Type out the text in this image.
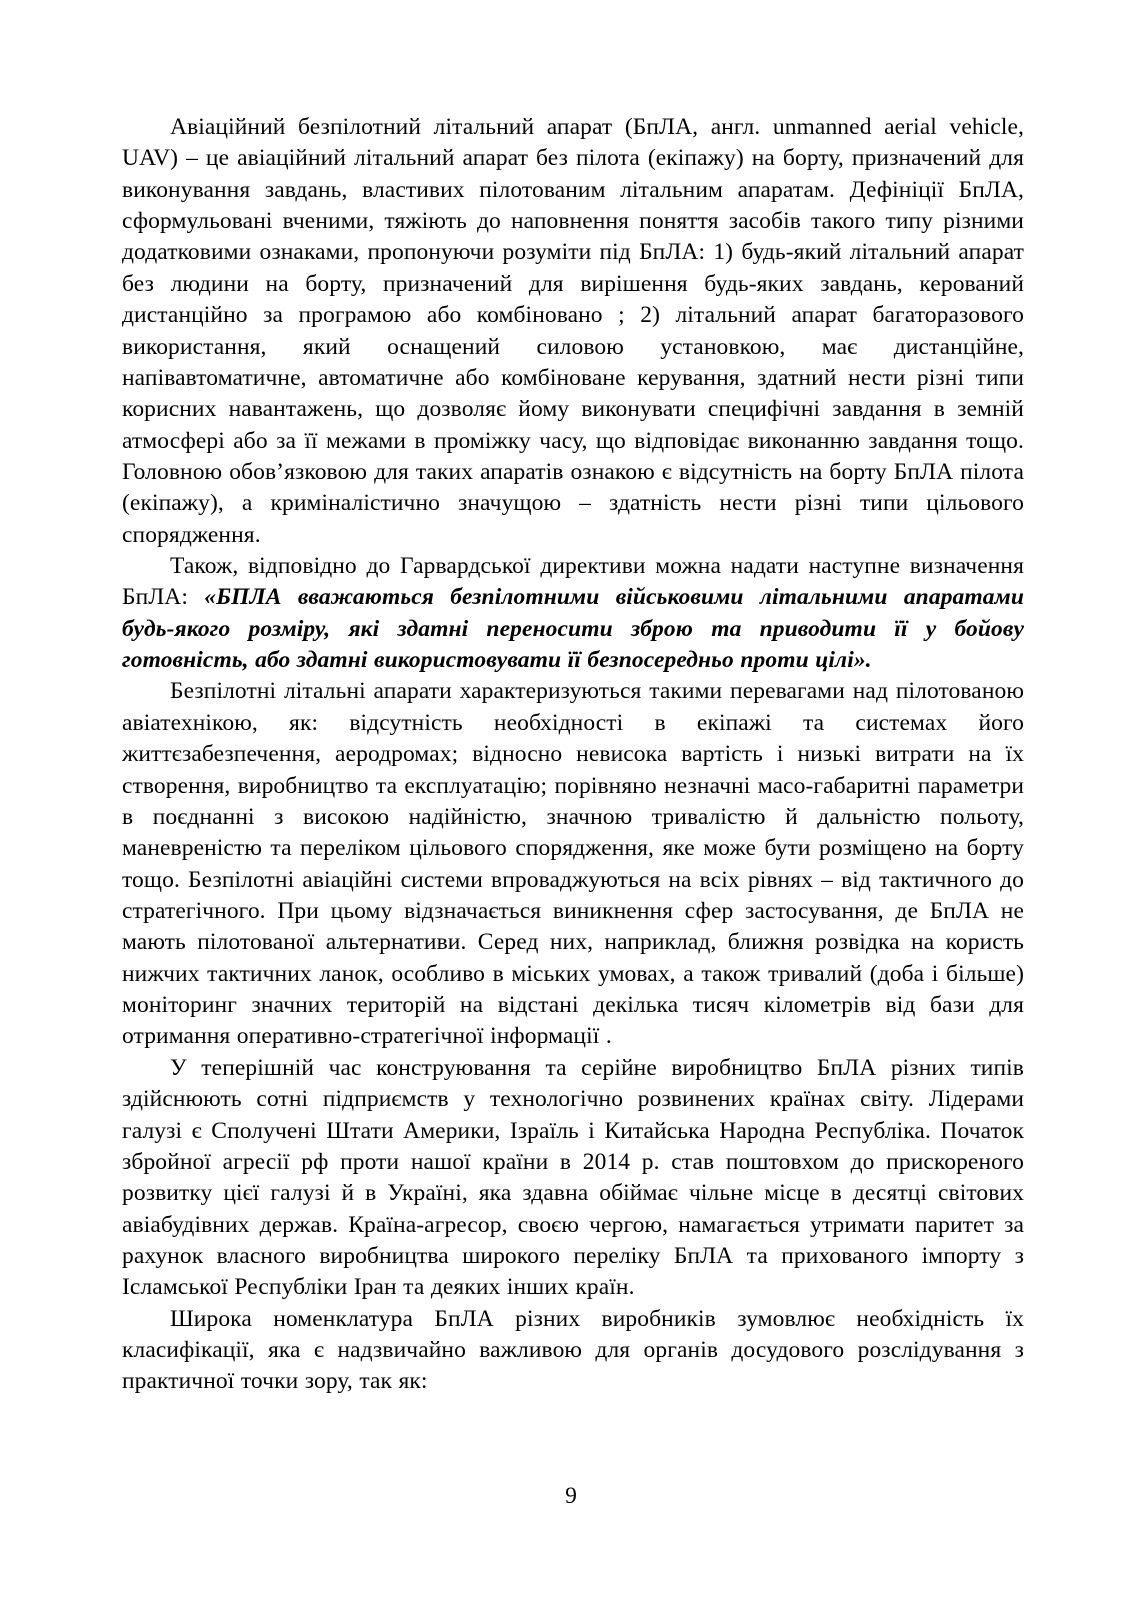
Авіаційний безпілотний літальний апарат (БпЛА, англ. unmanned aerial vehicle, UAV) – це авіаційний літальний апарат без пілота (екіпажу) на борту, призначений для виконування завдань, властивих пілотованим літальним апаратам. Дефініції БпЛА, сформульовані вченими, тяжіють до наповнення поняття засобів такого типу різними додатковими ознаками, пропонуючи розуміти під БпЛА: 1) будь-який літальний апарат без людини на борту, призначений для вирішення будь-яких завдань, керований дистанційно за програмою або комбіновано ; 2) літальний апарат багаторазового використання, який оснащений силовою установкою, має дистанційне, напівавтоматичне, автоматичне або комбіноване керування, здатний нести різні типи корисних навантажень, що дозволяє йому виконувати специфічні завдання в земній атмосфері або за її межами в проміжку часу, що відповідає виконанню завдання тощо. Головною обов’язковою для таких апаратів ознакою є відсутність на борту БпЛА пілота (екіпажу), а криміналістично значущою – здатність нести різні типи цільового спорядження.

Також, відповідно до Гарвардської директиви можна надати наступне визначення БпЛА: «БПЛА вважаються безпілотними військовими літальними апаратами будь-якого розміру, які здатні переносити зброю та приводити її у бойову готовність, або здатні використовувати її безпосередньо проти цілі».

Безпілотні літальні апарати характеризуються такими перевагами над пілотованою авіатехнікою, як: відсутність необхідності в екіпажі та системах його життєзабезпечення, аеродромах; відносно невисока вартість і низькі витрати на їх створення, виробництво та експлуатацію; порівняно незначні масо-габаритні параметри в поєднанні з високою надійністю, значною тривалістю й дальністю польоту, маневреністю та переліком цільового спорядження, яке може бути розміщено на борту тощо. Безпілотні авіаційні системи впроваджуються на всіх рівнях – від тактичного до стратегічного. При цьому відзначається виникнення сфер застосування, де БпЛА не мають пілотованої альтернативи. Серед них, наприклад, ближня розвідка на користь нижчих тактичних ланок, особливо в міських умовах, а також тривалий (доба і більше) моніторинг значних територій на відстані декілька тисяч кілометрів від бази для отримання оперативно-стратегічної інформації .

У теперішній час конструювання та серійне виробництво БпЛА різних типів здійснюють сотні підприємств у технологічно розвинених країнах світу. Лідерами галузі є Сполучені Штати Америки, Ізраїль і Китайська Народна Республіка. Початок збройної агресії рф проти нашої країни в 2014 р. став поштовхом до прискореного розвитку цієї галузі й в Україні, яка здавна обіймає чільне місце в десятці світових авіабудівних держав. Країна-агресор, своєю чергою, намагається утримати паритет за рахунок власного виробництва широкого переліку БпЛА та прихованого імпорту з Ісламської Республіки Іран та деяких інших країн.

Широка номенклатура БпЛА різних виробників зумовлює необхідність їх класифікації, яка є надзвичайно важливою для органів досудового розслідування з практичної точки зору, так як:

9
